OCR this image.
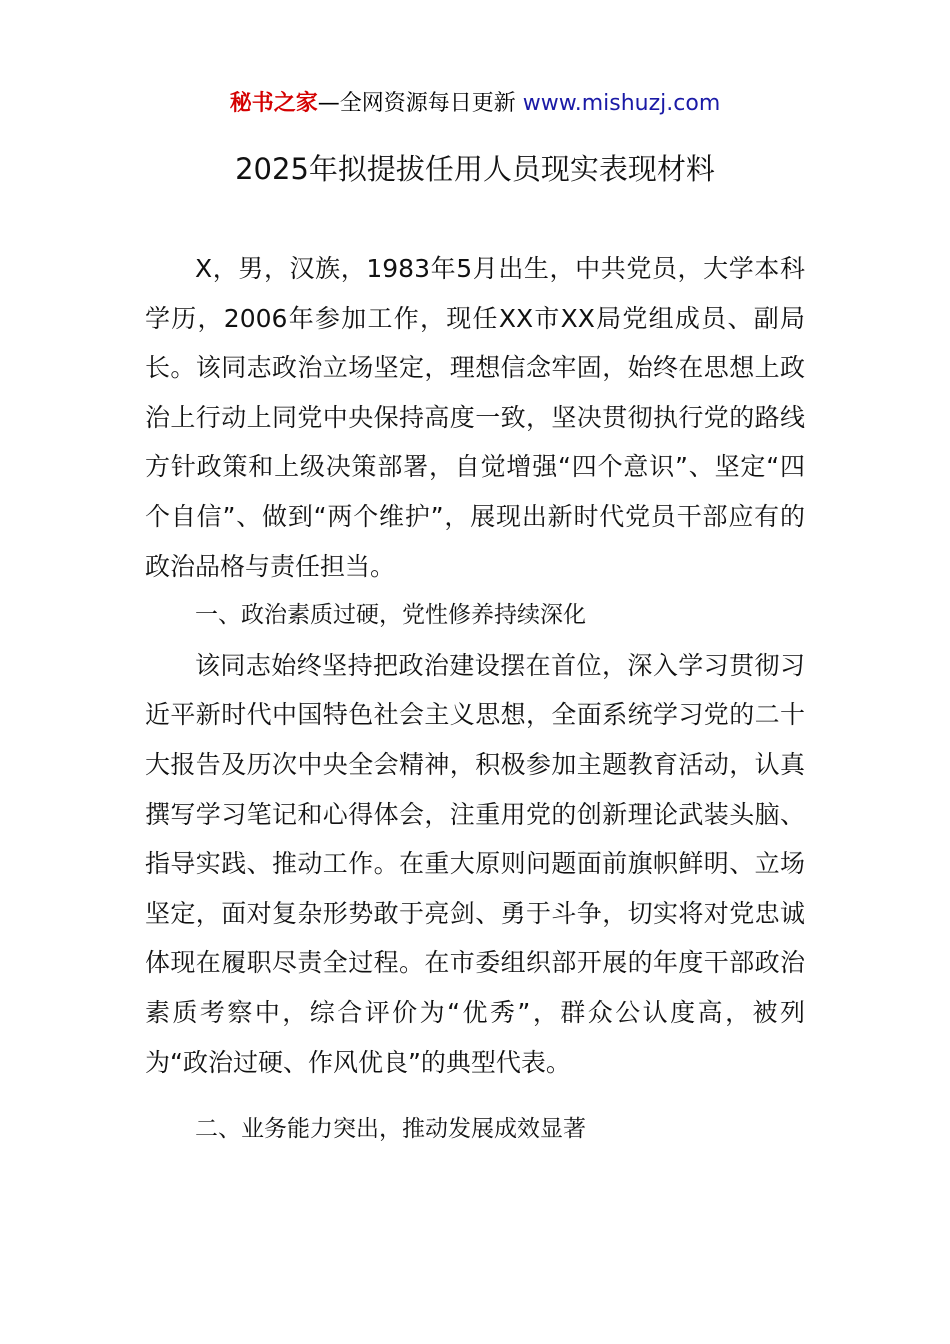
秘书之家—全网资源每日更新 www.mishuzj.com
2025年拟提拔任用人员现实表现材料

X，男，汉族，1983年5月出生，中共党员，大学本科学历，2006年参加工作，现任XX市XX局党组成员、副局长。该同志政治立场坚定，理想信念牢固，始终在思想上政治上行动上同党中央保持高度一致，坚决贯彻执行党的路线方针政策和上级决策部署，自觉增强“四个意识”、坚定“四个自信”、做到“两个维护”，展现出新时代党员干部应有的政治品格与责任担当。

一、政治素质过硬，党性修养持续深化

该同志始终坚持把政治建设摆在首位，深入学习贯彻习近平新时代中国特色社会主义思想，全面系统学习党的二十大报告及历次中央全会精神，积极参加主题教育活动，认真撰写学习笔记和心得体会，注重用党的创新理论武装头脑、指导实践、推动工作。在重大原则问题面前旗帜鲜明、立场坚定，面对复杂形势敢于亮剑、勇于斗争，切实将对党忠诚体现在履职尽责全过程。在市委组织部开展的年度干部政治素质考察中，综合评价为“优秀”，群众公认度高，被列为“政治过硬、作风优良”的典型代表。

二、业务能力突出，推动发展成效显著
